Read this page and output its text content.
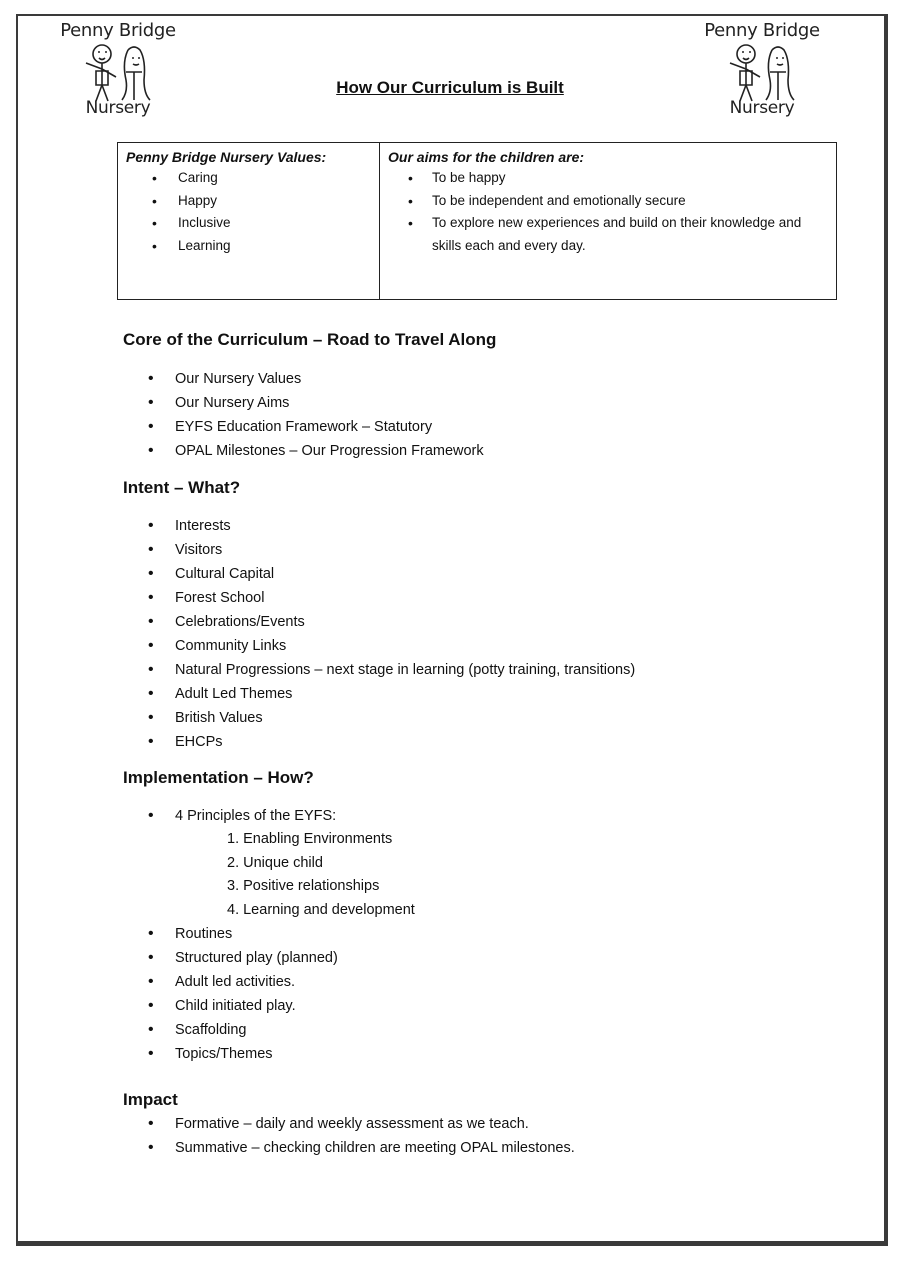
Penny Bridge
Nursery
Penny Bridge
Nursery
How Our Curriculum is Built
Penny Bridge Nursery Values:
• Caring
• Happy
• Inclusive
• Learning

Our aims for the children are:
• To be happy
• To be independent and emotionally secure
• To explore new experiences and build on their knowledge and skills each and every day.
Core of the Curriculum – Road to Travel Along
• Our Nursery Values
• Our Nursery Aims
• EYFS Education Framework – Statutory
• OPAL Milestones – Our Progression Framework
Intent – What?
• Interests
• Visitors
• Cultural Capital
• Forest School
• Celebrations/Events
• Community Links
• Natural Progressions – next stage in learning (potty training, transitions)
• Adult Led Themes
• British Values
• EHCPs
Implementation – How?
• 4 Principles of the EYFS:
1. Enabling Environments
2. Unique child
3. Positive relationships
4. Learning and development
• Routines
• Structured play (planned)
• Adult led activities.
• Child initiated play.
• Scaffolding
• Topics/Themes
Impact
• Formative – daily and weekly assessment as we teach.
• Summative – checking children are meeting OPAL milestones.
